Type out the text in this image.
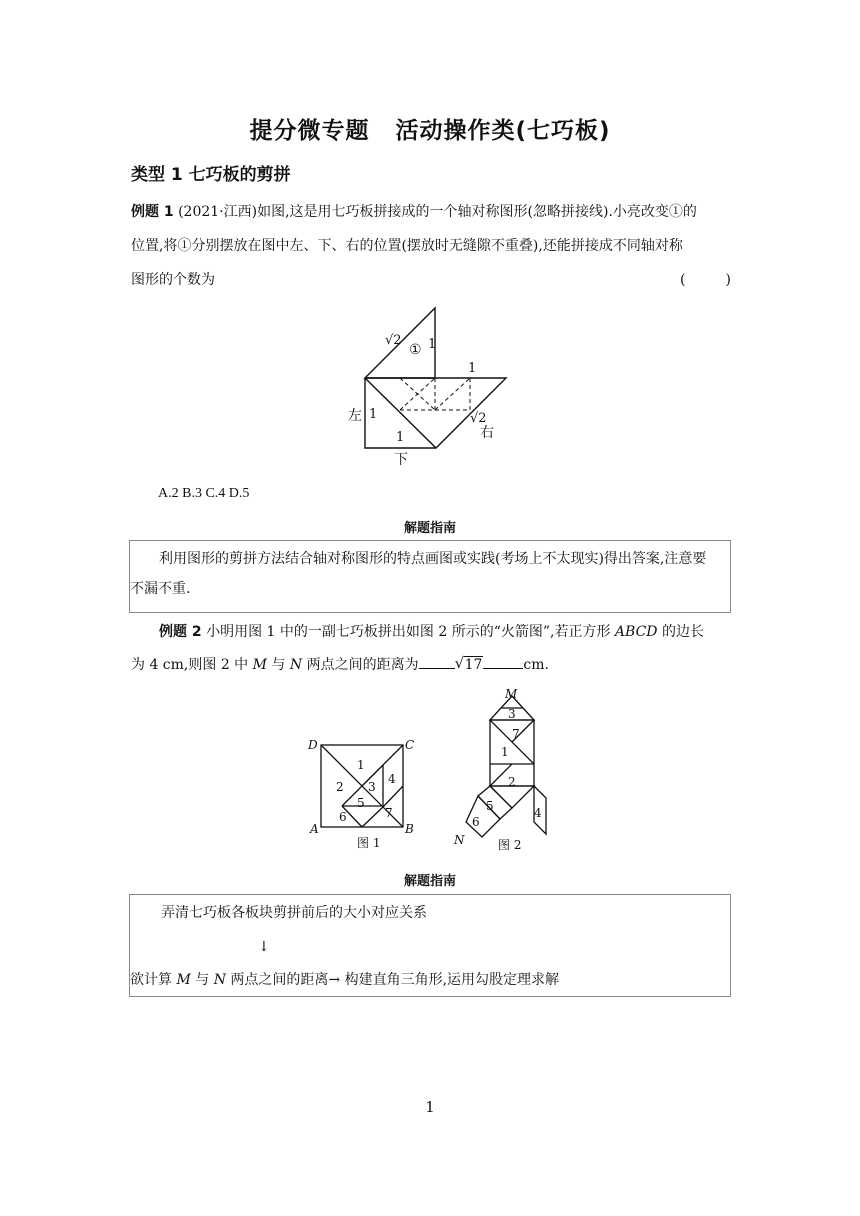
提分微专题 活动操作类(七巧板)
类型 1 七巧板的剪拼
例题 1 (2021·江西)如图,这是用七巧板拼接成的一个轴对称图形(忽略拼接线).小亮改变①的
位置,将①分别摆放在图中左、下、右的位置(摆放时无缝隙不重叠),还能拼接成不同轴对称
图形的个数为	(         )
√2
① 1
1
左 1
1
下
√2
右
A.2 B.3 C.4 D.5
解题指南
利用图形的剪拼方法结合轴对称图形的特点画图或实践(考场上不太现实)得出答案,注意要
不漏不重.
例题 2 小明用图 1 中的一副七巧板拼出如图 2 所示的“火箭图”,若正方形 ABCD 的边长
为 4 cm,则图 2 中 M 与 N 两点之间的距离为 √ 17	cm.
D	C
A	B
1
2 3
4
5
6	7
图 1
M
3
7
1
2
5
6
4
N	图 2
解题指南
弄清七巧板各板块剪拼前后的大小对应关系
↓
欲计算 M 与 N 两点之间的距离→ 构建直角三角形,运用勾股定理求解
1
